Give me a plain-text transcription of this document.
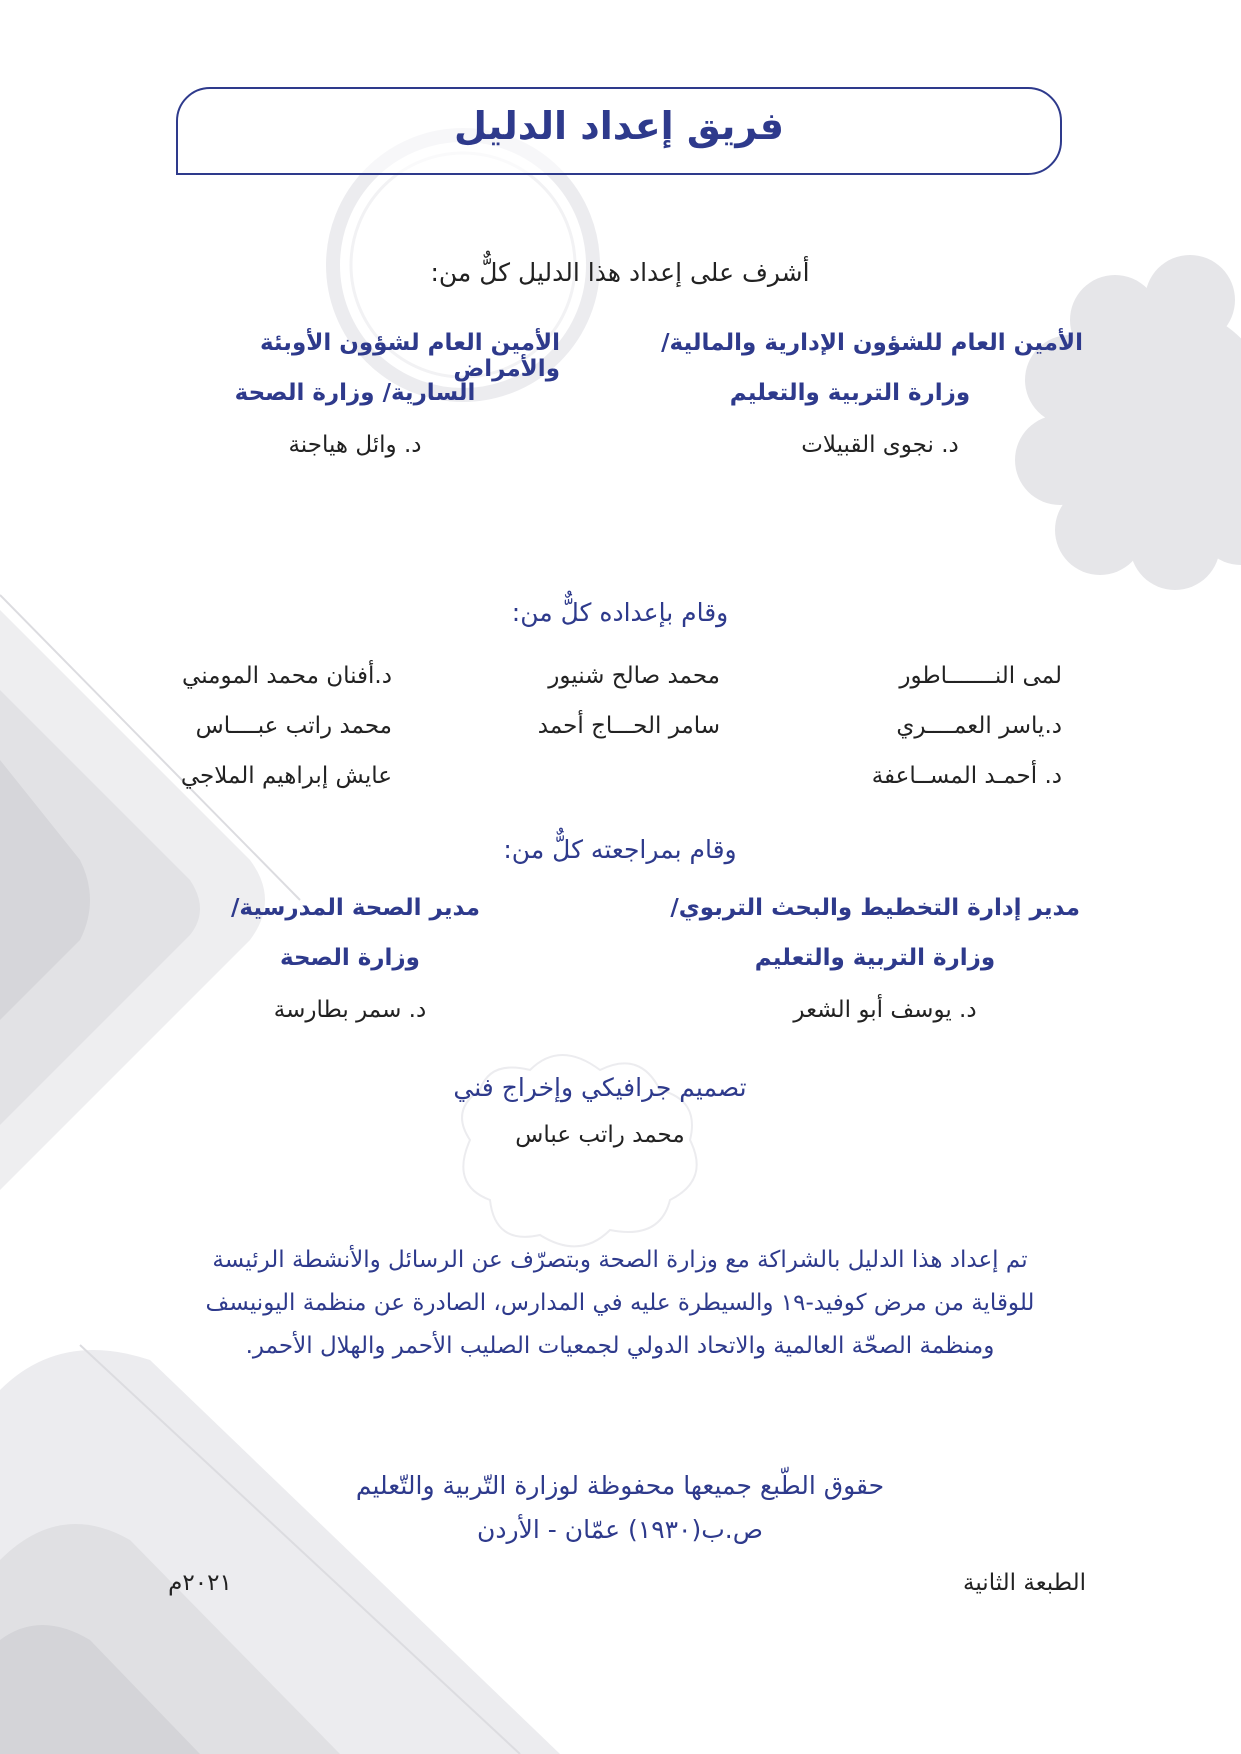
فريق إعداد الدليل
أشرف على إعداد هذا الدليل كلٌّ من:
الأمين العام للشؤون الإدارية والمالية/
وزارة التربية والتعليم
د. نجوى القبيلات
الأمين العام لشؤون الأوبئة والأمراض
السارية/ وزارة الصحة
د. وائل هياجنة
وقام بإعداده كلٌّ من:
لمى النـــــــاطور
د.ياسر العمــــري
د. أحمـد المســاعفة
محمد صالح شنيور
سامر الحـــاج أحمد
د.أفنان محمد المومني
محمد راتب عبــــاس
عايش إبراهيم الملاجي
وقام بمراجعته كلٌّ من:
مدير إدارة التخطيط والبحث التربوي/
وزارة التربية والتعليم
د. يوسف أبو الشعر
مدير الصحة المدرسية/
وزارة الصحة
د. سمر بطارسة
تصميم جرافيكي وإخراج فني
محمد راتب عباس
تم إعداد هذا الدليل بالشراكة مع وزارة الصحة وبتصرّف عن الرسائل والأنشطة الرئيسة
للوقاية من مرض كوفيد-١٩ والسيطرة عليه في المدارس، الصادرة عن منظمة اليونيسف
ومنظمة الصحّة العالمية والاتحاد الدولي لجمعيات الصليب الأحمر والهلال الأحمر.
حقوق الطّبع جميعها محفوظة لوزارة التّربية والتّعليم
ص.ب(١٩٣٠) عمّان - الأردن
الطبعة الثانية
٢٠٢١م
